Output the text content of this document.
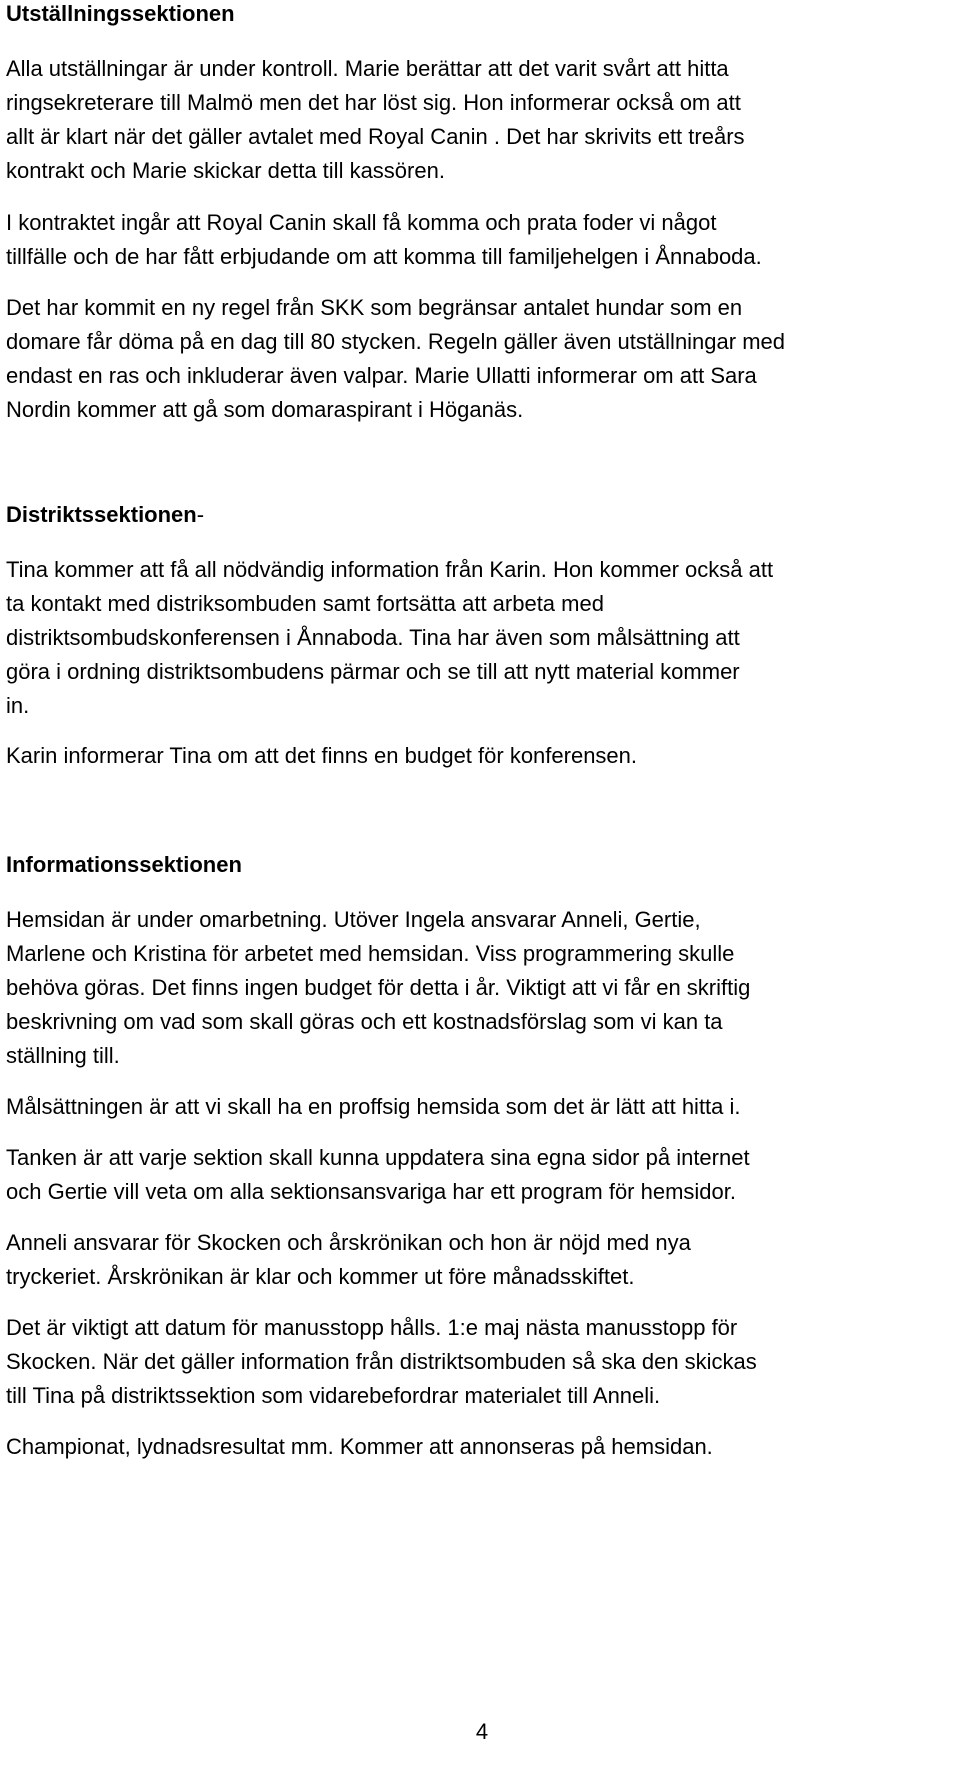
Utställningssektionen

Alla utställningar är under kontroll. Marie berättar att det varit svårt att hitta
ringsekreterare till Malmö men det har löst sig. Hon informerar också om att
allt är klart när det gäller avtalet med Royal Canin . Det har skrivits ett treårs
kontrakt och Marie skickar detta till kassören.

I kontraktet ingår att Royal Canin skall få komma och prata foder vi något
tillfälle och de har fått erbjudande om att komma till familjehelgen i Ånnaboda.

Det har kommit en ny regel från SKK som begränsar antalet hundar som en
domare får döma på en dag till 80 stycken. Regeln gäller även utställningar med
endast en ras och inkluderar även valpar. Marie Ullatti informerar om att Sara
Nordin kommer att gå som domaraspirant i Höganäs.

Distriktssektionen-

Tina kommer att få all nödvändig information från Karin. Hon kommer också att
ta kontakt med distriksombuden samt fortsätta att arbeta med
distriktsombudskonferensen i Ånnaboda. Tina har även som målsättning att
göra i ordning distriktsombudens pärmar och se till att nytt material kommer
in.

Karin informerar Tina om att det finns en budget för konferensen.

Informationssektionen

Hemsidan är under omarbetning. Utöver Ingela ansvarar Anneli, Gertie,
Marlene och Kristina för arbetet med hemsidan. Viss programmering skulle
behöva göras. Det finns ingen budget för detta i år. Viktigt att vi får en skriftig
beskrivning om vad som skall göras och ett kostnadsförslag som vi kan ta
ställning till.

Målsättningen är att vi skall ha en proffsig hemsida som det är lätt att hitta i.

Tanken är att varje sektion skall kunna uppdatera sina egna sidor på internet
och Gertie vill veta om alla sektionsansvariga har ett program för hemsidor.

Anneli ansvarar för Skocken och årskrönikan och hon är nöjd med nya
tryckeriet. Årskrönikan är klar och kommer ut före månadsskiftet.

Det är viktigt att datum för manusstopp hålls. 1:e maj nästa manusstopp för
Skocken. När det gäller information från distriktsombuden så ska den skickas
till Tina på distriktssektion som vidarebefordrar materialet till Anneli.

Championat, lydnadsresultat mm. Kommer att annonseras på hemsidan.

4
